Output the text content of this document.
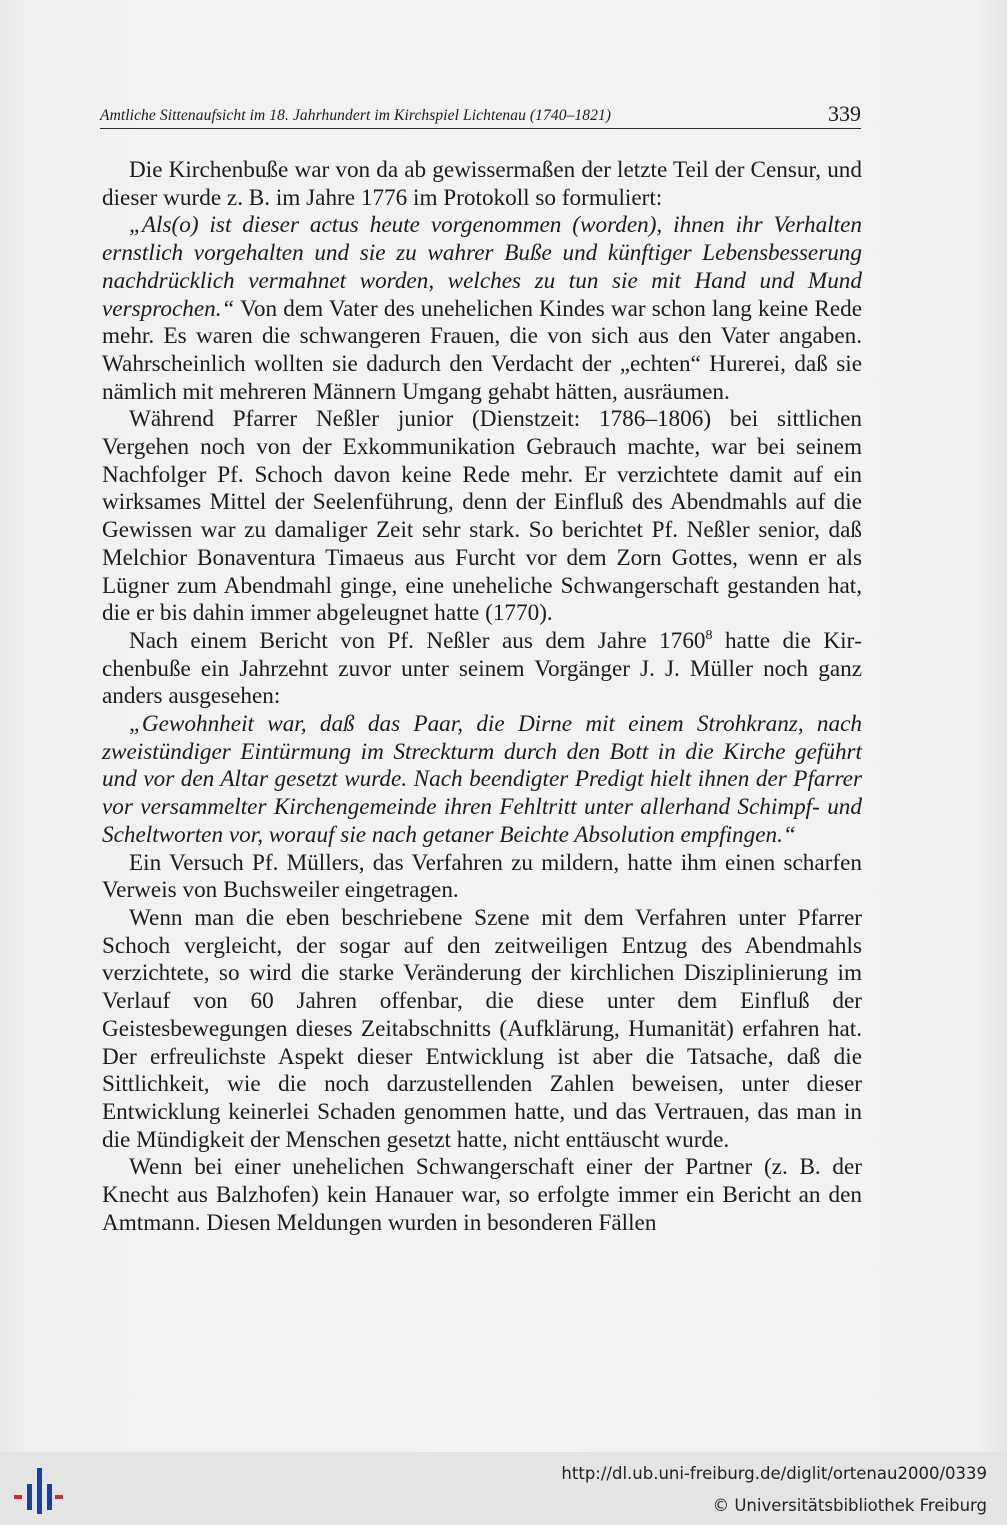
Amtliche Sittenaufsicht im 18. Jahrhundert im Kirchspiel Lichtenau (1740–1821)	339

Die Kirchenbuße war von da ab gewissermaßen der letzte Teil der Censur, und dieser wurde z. B. im Jahre 1776 im Protokoll so formuliert:

„Als(o) ist dieser actus heute vorgenommen (worden), ihnen ihr Verhalten ernstlich vorgehalten und sie zu wahrer Buße und künftiger Lebensbesserung nachdrücklich vermahnet worden, welches zu tun sie mit Hand und Mund versprochen.“ Von dem Vater des unehelichen Kindes war schon lang keine Rede mehr. Es waren die schwangeren Frauen, die von sich aus den Vater angaben. Wahrscheinlich wollten sie dadurch den Verdacht der „echten“ Hurerei, daß sie nämlich mit mehreren Männern Umgang gehabt hätten, ausräumen.

Während Pfarrer Neßler junior (Dienstzeit: 1786–1806) bei sittlichen Vergehen noch von der Exkommunikation Gebrauch machte, war bei seinem Nachfolger Pf. Schoch davon keine Rede mehr. Er verzichtete damit auf ein wirksames Mittel der Seelenführung, denn der Einfluß des Abendmahls auf die Gewissen war zu damaliger Zeit sehr stark. So berichtet Pf. Neßler senior, daß Melchior Bonaventura Timaeus aus Furcht vor dem Zorn Gottes, wenn er als Lügner zum Abendmahl ginge, eine uneheliche Schwangerschaft gestanden hat, die er bis dahin immer abgeleugnet hatte (1770).

Nach einem Bericht von Pf. Neßler aus dem Jahre 1760$^8$ hatte die Kirchenbuße ein Jahrzehnt zuvor unter seinem Vorgänger J. J. Müller noch ganz anders ausgesehen:

„Gewohnheit war, daß das Paar, die Dirne mit einem Strohkranz, nach zweistündiger Eintürmung im Streckturm durch den Bott in die Kirche geführt und vor den Altar gesetzt wurde. Nach beendigter Predigt hielt ihnen der Pfarrer vor versammelter Kirchengemeinde ihren Fehltritt unter allerhand Schimpf- und Scheltworten vor, worauf sie nach getaner Beichte Absolution empfingen.“

Ein Versuch Pf. Müllers, das Verfahren zu mildern, hatte ihm einen scharfen Verweis von Buchsweiler eingetragen.

Wenn man die eben beschriebene Szene mit dem Verfahren unter Pfarrer Schoch vergleicht, der sogar auf den zeitweiligen Entzug des Abendmahls verzichtete, so wird die starke Veränderung der kirchlichen Disziplinierung im Verlauf von 60 Jahren offenbar, die diese unter dem Einfluß der Geistesbewegungen dieses Zeitabschnitts (Aufklärung, Humanität) erfahren hat. Der erfreulichste Aspekt dieser Entwicklung ist aber die Tatsache, daß die Sittlichkeit, wie die noch darzustellenden Zahlen beweisen, unter dieser Entwicklung keinerlei Schaden genommen hatte, und das Vertrauen, das man in die Mündigkeit der Menschen gesetzt hatte, nicht enttäuscht wurde.

Wenn bei einer unehelichen Schwangerschaft einer der Partner (z. B. der Knecht aus Balzhofen) kein Hanauer war, so erfolgte immer ein Bericht an den Amtmann. Diesen Meldungen wurden in besonderen Fällen

http://dl.ub.uni-freiburg.de/diglit/ortenau2000/0339
© Universitätsbibliothek Freiburg
